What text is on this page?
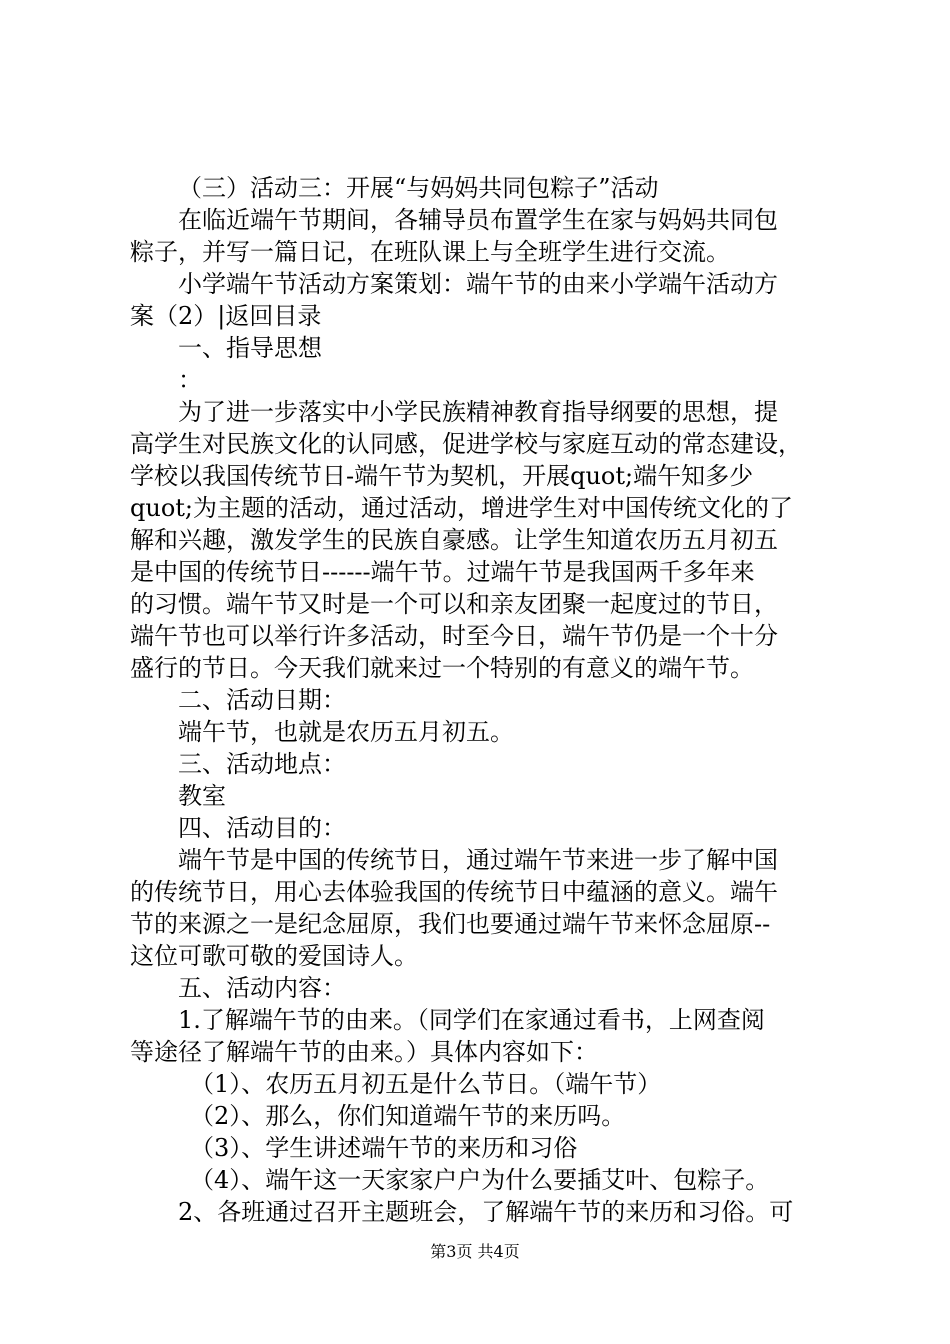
（三）活动三：开展“与妈妈共同包粽子”活动
在临近端午节期间，各辅导员布置学生在家与妈妈共同包
粽子，并写一篇日记，在班队课上与全班学生进行交流。
小学端午节活动方案策划：端午节的由来小学端午活动方
案（2）|返回目录
一、指导思想
：
为了进一步落实中小学民族精神教育指导纲要的思想，提
高学生对民族文化的认同感，促进学校与家庭互动的常态建设，
学校以我国传统节日-端午节为契机，开展quot;端午知多少
quot;为主题的活动，通过活动，增进学生对中国传统文化的了
解和兴趣，激发学生的民族自豪感。让学生知道农历五月初五
是中国的传统节日------端午节。过端午节是我国两千多年来
的习惯。端午节又时是一个可以和亲友团聚一起度过的节日，
端午节也可以举行许多活动，时至今日，端午节仍是一个十分
盛行的节日。今天我们就来过一个特别的有意义的端午节。
二、活动日期：
端午节，也就是农历五月初五。
三、活动地点：
教室
四、活动目的：
端午节是中国的传统节日，通过端午节来进一步了解中国
的传统节日，用心去体验我国的传统节日中蕴涵的意义。端午
节的来源之一是纪念屈原，我们也要通过端午节来怀念屈原--
这位可歌可敬的爱国诗人。
五、活动内容：
1.了解端午节的由来。（同学们在家通过看书，上网查阅
等途径了解端午节的由来。）具体内容如下：
（1）、农历五月初五是什么节日。（端午节）
（2）、那么，你们知道端午节的来历吗。
（3）、学生讲述端午节的来历和习俗
（4）、端午这一天家家户户为什么要插艾叶、包粽子。
2、各班通过召开主题班会，了解端午节的来历和习俗。可
第3页 共4页
